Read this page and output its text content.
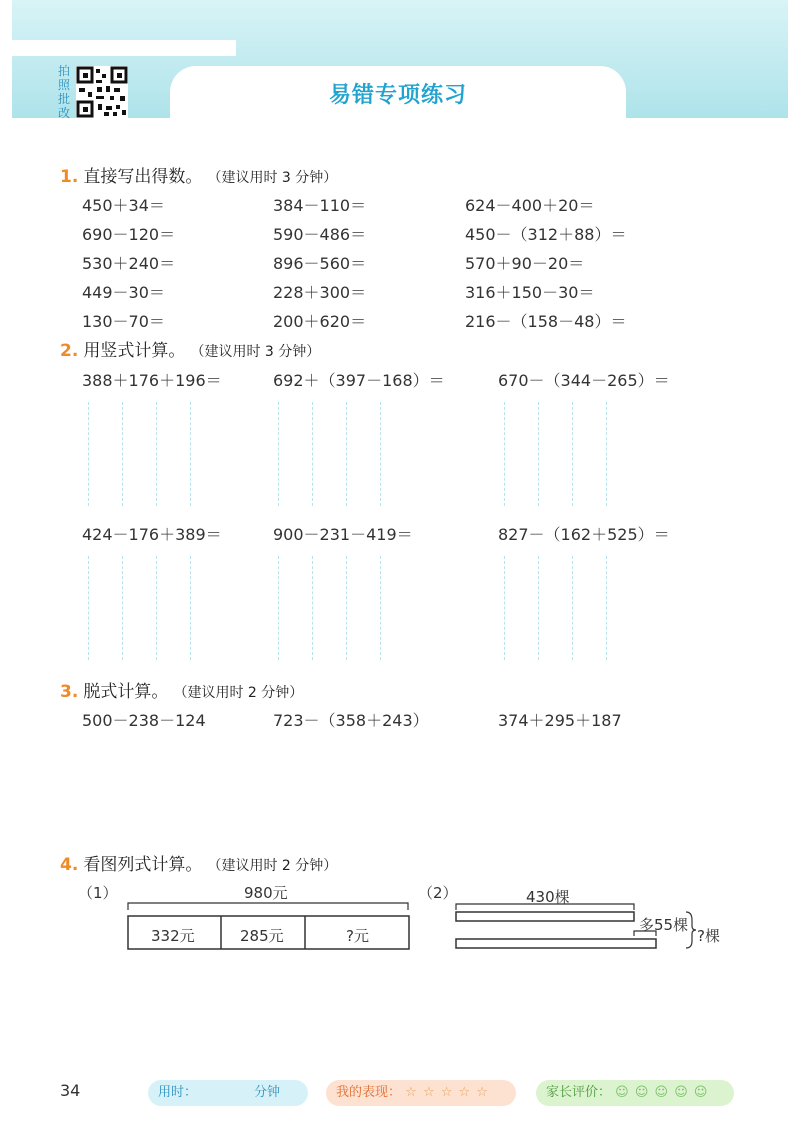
拍
照
批
改
易错专项练习
1. 直接写出得数。 （建议用时 3 分钟）
450＋34＝	384－110＝	624－400＋20＝
690－120＝	590－486＝	450－（312＋88）＝
530＋240＝	896－560＝	570＋90－20＝
449－30＝	228＋300＝	316＋150－30＝
130－70＝	200＋620＝	216－（158－48）＝
2. 用竖式计算。 （建议用时 3 分钟）
388＋176＋196＝	692＋（397－168）＝	670－（344－265）＝
424－176＋389＝	900－231－419＝	827－（162＋525）＝
3. 脱式计算。 （建议用时 2 分钟）
500－238－124	723－（358＋243）	374＋295＋187
4. 看图列式计算。 （建议用时 2 分钟）
（1）	980元
332元	285元	?元
（2）	430棵
多55棵
?棵
34	用时：	分钟	我的表现： ☆ ☆ ☆ ☆ ☆	家长评价： ☺ ☺ ☺ ☺ ☺
